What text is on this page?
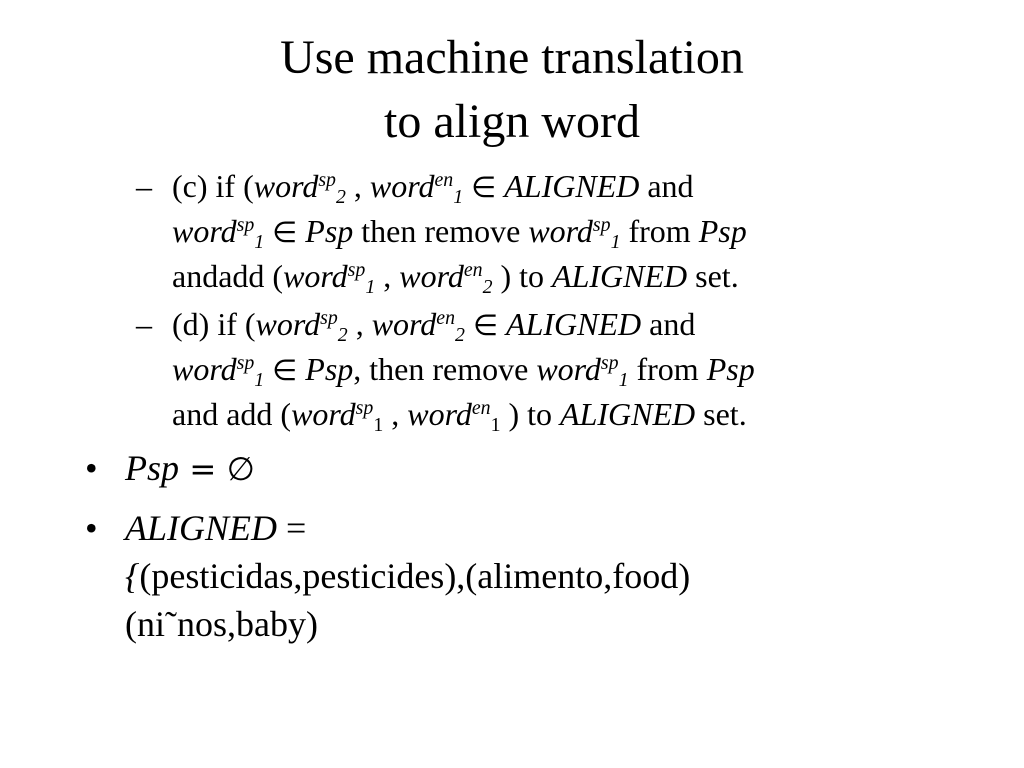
Use machine translation
to align word
– (c) if (word$^{sp}_2$ , word$^{en}_1$ ∈ ALIGNED and
word$^{sp}_1$ ∈ Psp then remove word$^{sp}_1$ from Psp
andadd (word$^{sp}_1$ , word$^{en}_2$ ) to ALIGNED set.
– (d) if (word$^{sp}_2$ , word$^{en}_2$ ∈ ALIGNED and
word$^{sp}_1$ ∈ Psp, then remove word$^{sp}_1$ from Psp
and add (word$^{sp}_1$ , word$^{en}_1$ ) to ALIGNED set.
• Psp = ∅
• ALIGNED =
{(pesticidas,pesticides),(alimento,food)
(ni˜nos,baby)
